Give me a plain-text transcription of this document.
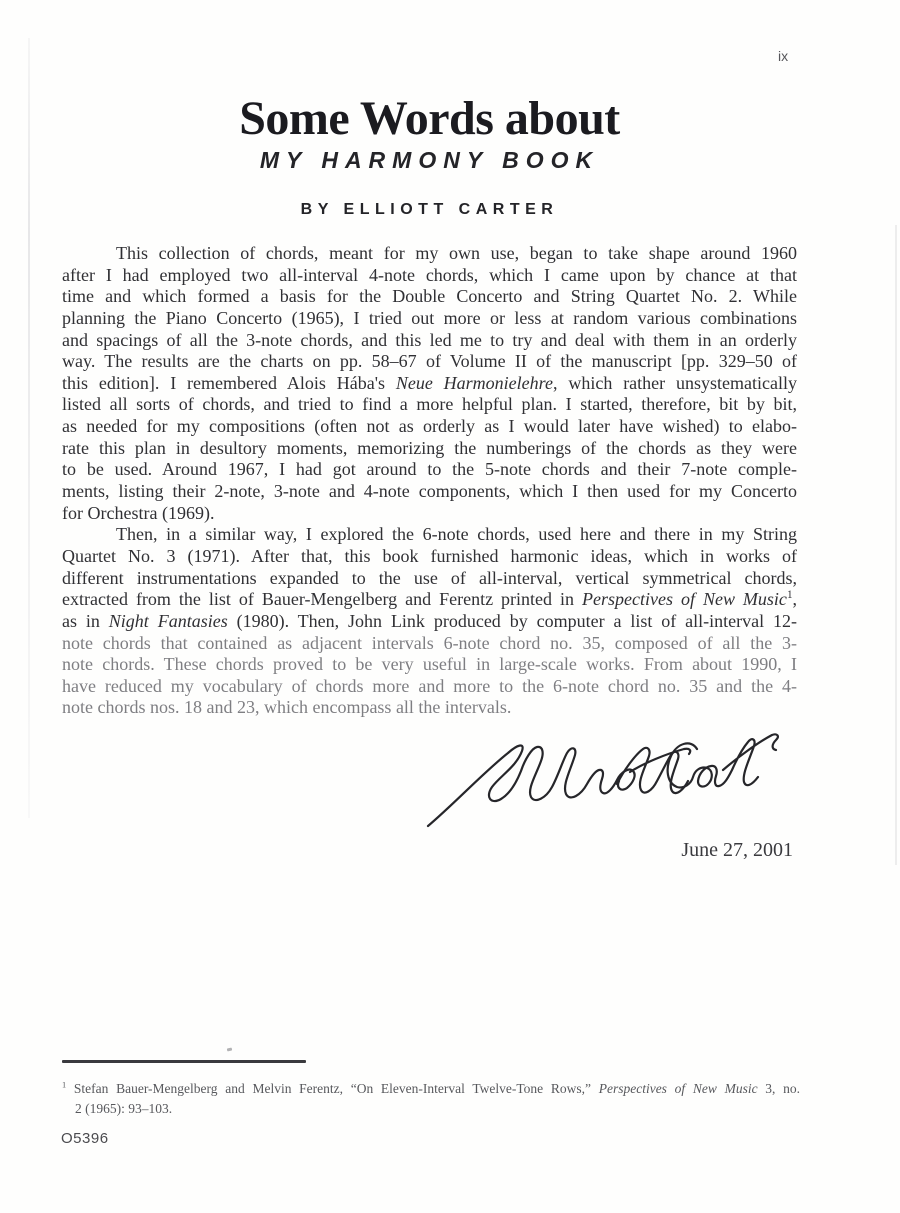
ix
Some Words about
MY HARMONY BOOK
BY ELLIOTT CARTER
This collection of chords, meant for my own use, began to take shape around 1960
after I had employed two all-interval 4-note chords, which I came upon by chance at that
time and which formed a basis for the Double Concerto and String Quartet No. 2. While
planning the Piano Concerto (1965), I tried out more or less at random various combinations
and spacings of all the 3-note chords, and this led me to try and deal with them in an orderly
way. The results are the charts on pp. 58–67 of Volume II of the manuscript [pp. 329–50 of
this edition]. I remembered Alois Hába's Neue Harmonielehre, which rather unsystematically
listed all sorts of chords, and tried to find a more helpful plan. I started, therefore, bit by bit,
as needed for my compositions (often not as orderly as I would later have wished) to elabo-
rate this plan in desultory moments, memorizing the numberings of the chords as they were
to be used. Around 1967, I had got around to the 5-note chords and their 7-note comple-
ments, listing their 2-note, 3-note and 4-note components, which I then used for my Concerto
for Orchestra (1969).
Then, in a similar way, I explored the 6-note chords, used here and there in my String
Quartet No. 3 (1971). After that, this book furnished harmonic ideas, which in works of
different instrumentations expanded to the use of all-interval, vertical symmetrical chords,
extracted from the list of Bauer-Mengelberg and Ferentz printed in Perspectives of New Music$^1$,
as in Night Fantasies (1980). Then, John Link produced by computer a list of all-interval 12-
note chords that contained as adjacent intervals 6-note chord no. 35, composed of all the 3-
note chords. These chords proved to be very useful in large-scale works. From about 1990, I
have reduced my vocabulary of chords more and more to the 6-note chord no. 35 and the 4-
note chords nos. 18 and 23, which encompass all the intervals.
June 27, 2001
$^1$ Stefan Bauer-Mengelberg and Melvin Ferentz, “On Eleven-Interval Twelve-Tone Rows,” Perspectives of New Music 3, no.
2 (1965): 93–103.
O5396
